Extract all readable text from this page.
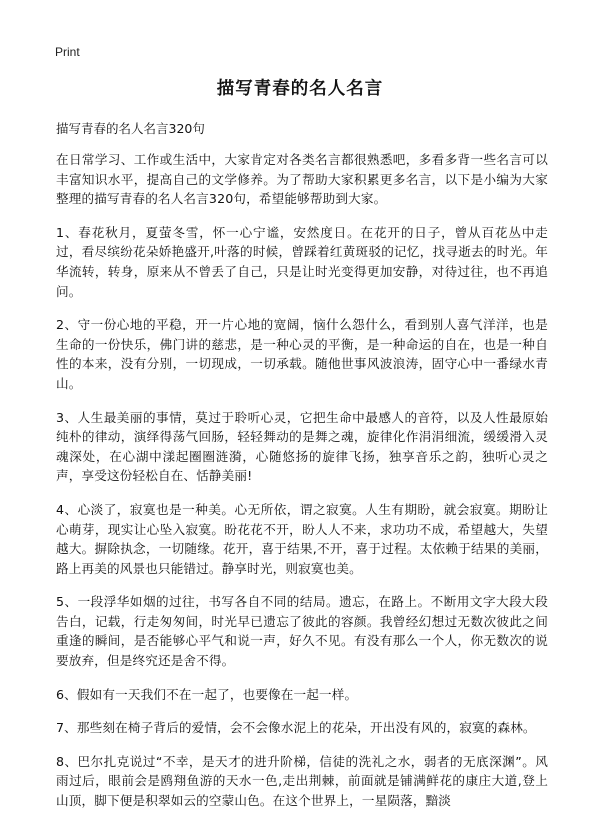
Print
描写青春的名人名言

描写青春的名人名言320句

在日常学习、工作或生活中，大家肯定对各类名言都很熟悉吧，多看多背一些名言可以丰富知识水平，提高自己的文学修养。为了帮助大家积累更多名言，以下是小编为大家整理的描写青春的名人名言320句，希望能够帮助到大家。

1、春花秋月，夏萤冬雪，怀一心宁谧，安然度日。在花开的日子，曾从百花丛中走过，看尽缤纷花朵娇艳盛开,叶落的时候，曾踩着红黄斑驳的记忆，找寻逝去的时光。年华流转，转身，原来从不曾丢了自己，只是让时光变得更加安静，对待过往，也不再追问。

2、守一份心地的平稳，开一片心地的宽阔，恼什么怨什么，看到别人喜气洋洋，也是生命的一份快乐，佛门讲的慈悲，是一种心灵的平衡，是一种命运的自在，也是一种自性的本来，没有分别，一切现成，一切承载。随他世事风波浪涛，固守心中一番绿水青山。

3、人生最美丽的事情，莫过于聆听心灵，它把生命中最感人的音符，以及人性最原始纯朴的律动，演绎得荡气回肠，轻轻舞动的是舞之魂，旋律化作涓涓细流，缓缓滑入灵魂深处，在心湖中漾起圈圈涟漪，心随悠扬的旋律飞扬，独享音乐之韵，独听心灵之声，享受这份轻松自在、恬静美丽!

4、心淡了，寂寞也是一种美。心无所依，谓之寂寞。人生有期盼，就会寂寞。期盼让心萌芽，现实让心坠入寂寞。盼花花不开，盼人人不来，求功功不成，希望越大，失望越大。摒除执念，一切随缘。花开，喜于结果,不开，喜于过程。太依赖于结果的美丽，路上再美的风景也只能错过。静享时光，则寂寞也美。

5、一段浮华如烟的过往，书写各自不同的结局。遗忘，在路上。不断用文字大段大段告白，记载，行走匆匆间，时光早已遗忘了彼此的容颜。我曾经幻想过无数次彼此之间重逢的瞬间，是否能够心平气和说一声，好久不见。有没有那么一个人，你无数次的说要放弃，但是终究还是舍不得。

6、假如有一天我们不在一起了，也要像在一起一样。

7、那些刻在椅子背后的爱情，会不会像水泥上的花朵，开出没有风的，寂寞的森林。

8、巴尔扎克说过“不幸，是天才的进升阶梯，信徒的洗礼之水，弱者的无底深渊”。风雨过后，眼前会是鸥翔鱼游的天水一色,走出荆棘，前面就是铺满鲜花的康庄大道,登上山顶，脚下便是积翠如云的空蒙山色。在这个世界上，一星陨落，黯淡
